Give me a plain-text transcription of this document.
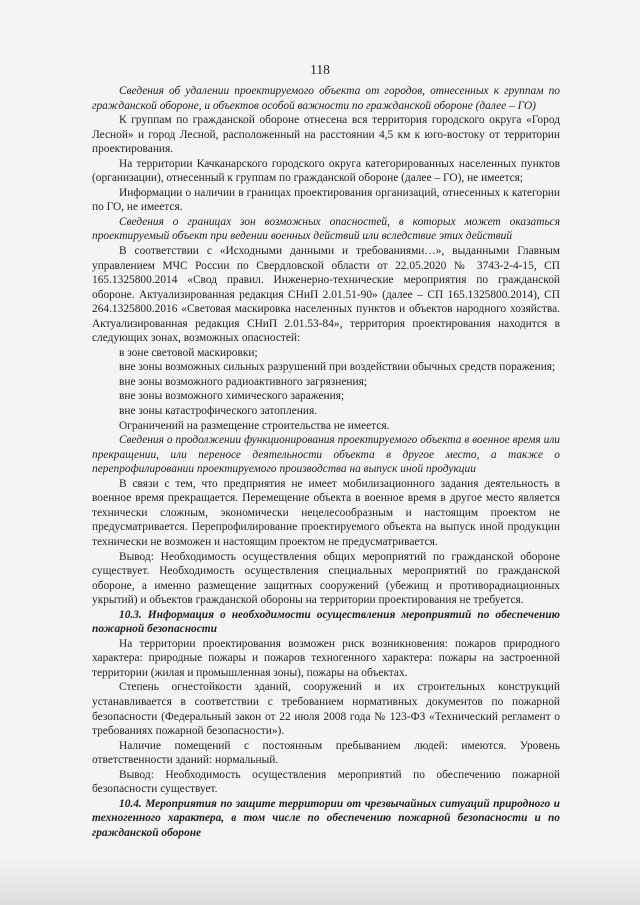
118

Сведения об удалении проектируемого объекта от городов, отнесенных к группам по гражданской обороне, и объектов особой важности по гражданской обороне (далее – ГО)

К группам по гражданской обороне отнесена вся территория городского округа «Город Лесной» и город Лесной, расположенный на расстоянии 4,5 км к юго-востоку от территории проектирования.

На территории Качканарского городского округа категорированных населенных пунктов (организации), отнесенный к группам по гражданской обороне (далее – ГО), не имеется;

Информации о наличии в границах проектирования организаций, отнесенных к категории по ГО, не имеется.

Сведения о границах зон возможных опасностей, в которых может оказаться проектируемый объект при ведении военных действий или вследствие этих действий

В соответствии с «Исходными данными и требованиями…», выданными Главным управлением МЧС России по Свердловской области от 22.05.2020 № 3743-2-4-15, СП 165.1325800.2014 «Свод правил. Инженерно-технические мероприятия по гражданской обороне. Актуализированная редакция СНиП 2.01.51-90» (далее – СП 165.1325800.2014), СП 264.1325800.2016 «Световая маскировка населенных пунктов и объектов народного хозяйства. Актуализированная редакция СНиП 2.01.53-84», территория проектирования находится в следующих зонах, возможных опасностей:

в зоне световой маскировки;

вне зоны возможных сильных разрушений при воздействии обычных средств поражения;

вне зоны возможного радиоактивного загрязнения;

вне зоны возможного химического заражения;

вне зоны катастрофического затопления.

Ограничений на размещение строительства не имеется.

Сведения о продолжении функционирования проектируемого объекта в военное время или прекращении, или переносе деятельности объекта в другое место, а также о перепрофилировании проектируемого производства на выпуск иной продукции

В связи с тем, что предприятия не имеет мобилизационного задания деятельность в военное время прекращается. Перемещение объекта в военное время в другое место является технически сложным, экономически нецелесообразным и настоящим проектом не предусматривается. Перепрофилирование проектируемого объекта на выпуск иной продукции технически не возможен и настоящим проектом не предусматривается.

Вывод: Необходимость осуществления общих мероприятий по гражданской обороне существует. Необходимость осуществления специальных мероприятий по гражданской обороне, а именно размещение защитных сооружений (убежищ и противорадиационных укрытий) и объектов гражданской обороны на территории проектирования не требуется.

10.3. Информация о необходимости осуществления мероприятий по обеспечению пожарной безопасности

На территории проектирования возможен риск возникновения: пожаров природного характера: природные пожары и пожаров техногенного характера: пожары на застроенной территории (жилая и промышленная зоны), пожары на объектах.

Степень огнестойкости зданий, сооружений и их строительных конструкций устанавливается в соответствии с требованием нормативных документов по пожарной безопасности (Федеральный закон от 22 июля 2008 года № 123-ФЗ «Технический регламент о требованиях пожарной безопасности»).

Наличие помещений с постоянным пребыванием людей: имеются. Уровень ответственности зданий: нормальный.

Вывод: Необходимость осуществления мероприятий по обеспечению пожарной безопасности существует.

10.4. Мероприятия по защите территории от чрезвычайных ситуаций природного и техногенного характера, в том числе по обеспечению пожарной безопасности и по гражданской обороне
